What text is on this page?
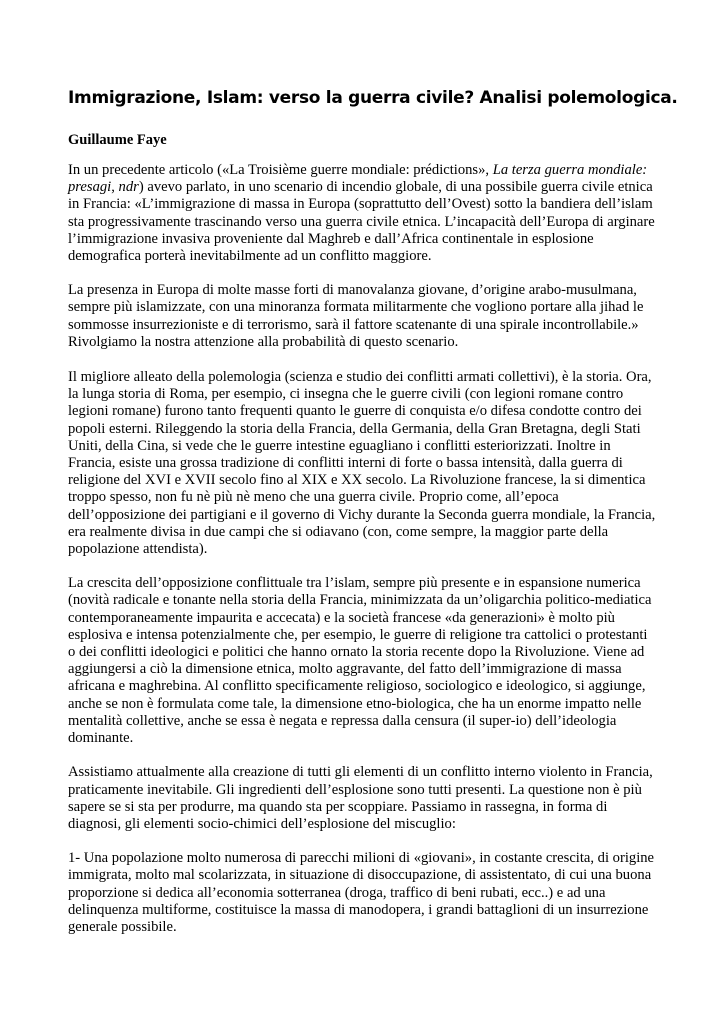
Immigrazione, Islam: verso la guerra civile? Analisi polemologica.
Guillaume Faye

In un precedente articolo («La Troisième guerre mondiale: prédictions», La terza guerra mondiale: presagi, ndr) avevo parlato, in uno scenario di incendio globale, di una possibile guerra civile etnica in Francia: «L’immigrazione di massa in Europa (soprattutto dell’Ovest) sotto la bandiera dell’islam sta progressivamente trascinando verso una guerra civile etnica. L’incapacità dell’Europa di arginare l’immigrazione invasiva proveniente dal Maghreb e dall’Africa continentale in esplosione demografica porterà inevitabilmente ad un conflitto maggiore.

La presenza in Europa di molte masse forti di manovalanza giovane, d’origine arabo-musulmana, sempre più islamizzate, con una minoranza formata militarmente che vogliono portare alla jihad le sommosse insurrezioniste e di terrorismo, sarà il fattore scatenante di una spirale incontrollabile.» Rivolgiamo la nostra attenzione alla probabilità di questo scenario.

Il migliore alleato della polemologia (scienza e studio dei conflitti armati collettivi), è la storia. Ora, la lunga storia di Roma, per esempio, ci insegna che le guerre civili (con legioni romane contro legioni romane) furono tanto frequenti quanto le guerre di conquista e/o difesa condotte contro dei popoli esterni. Rileggendo la storia della Francia, della Germania, della Gran Bretagna, degli Stati Uniti, della Cina, si vede che le guerre intestine eguagliano i conflitti esteriorizzati. Inoltre in Francia, esiste una grossa tradizione di conflitti interni di forte o bassa intensità, dalla guerra di religione del XVI e XVII secolo fino al XIX e XX secolo. La Rivoluzione francese, la si dimentica troppo spesso, non fu nè più nè meno che una guerra civile. Proprio come, all’epoca dell’opposizione dei partigiani e il governo di Vichy durante la Seconda guerra mondiale, la Francia, era realmente divisa in due campi che si odiavano (con, come sempre, la maggior parte della popolazione attendista).

La crescita dell’opposizione conflittuale tra l’islam, sempre più presente e in espansione numerica (novità radicale e tonante nella storia della Francia, minimizzata da un’oligarchia politico-mediatica contemporaneamente impaurita e accecata) e la società francese «da generazioni» è molto più esplosiva e intensa potenzialmente che, per esempio, le guerre di religione tra cattolici o protestanti o dei conflitti ideologici e politici che hanno ornato la storia recente dopo la Rivoluzione. Viene ad aggiungersi a ciò la dimensione etnica, molto aggravante, del fatto dell’immigrazione di massa africana e maghrebina. Al conflitto specificamente religioso, sociologico e ideologico, si aggiunge, anche se non è formulata come tale, la dimensione etno-biologica, che ha un enorme impatto nelle mentalità collettive, anche se essa è negata e repressa dalla censura (il super-io) dell’ideologia dominante.

Assistiamo attualmente alla creazione di tutti gli elementi di un conflitto interno violento in Francia, praticamente inevitabile. Gli ingredienti dell’esplosione sono tutti presenti. La questione non è più sapere se si sta per produrre, ma quando sta per scoppiare. Passiamo in rassegna, in forma di diagnosi, gli elementi socio-chimici dell’esplosione del miscuglio:

1- Una popolazione molto numerosa di parecchi milioni di «giovani», in costante crescita, di origine immigrata, molto mal scolarizzata, in situazione di disoccupazione, di assistentato, di cui una buona proporzione si dedica all’economia sotterranea (droga, traffico di beni rubati, ecc..) e ad una delinquenza multiforme, costituisce la massa di manodopera, i grandi battaglioni di un insurrezione generale possibile.
